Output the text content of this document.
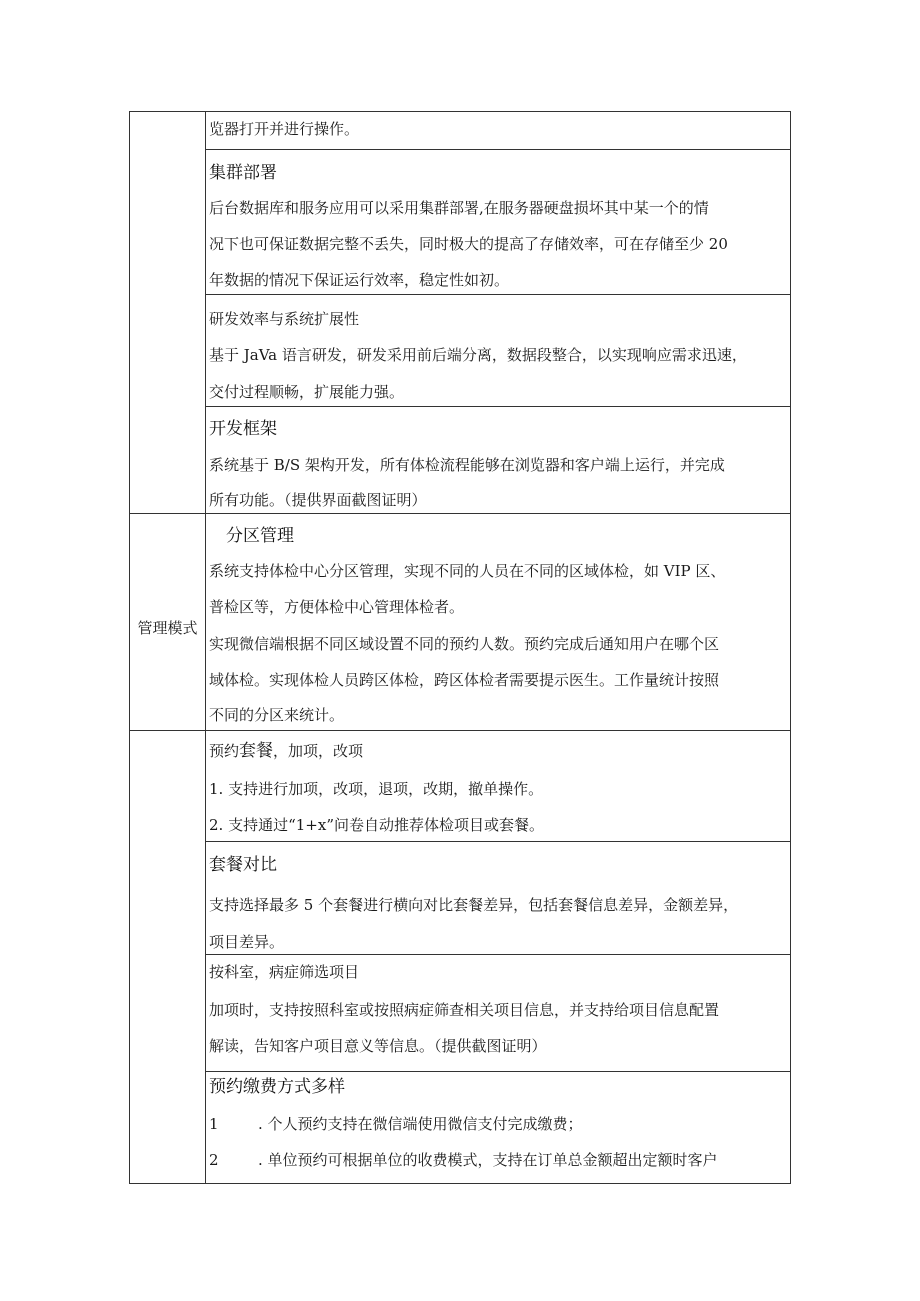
管理模式
览器打开并进行操作。
集群部署
后台数据库和服务应用可以采用集群部署,在服务器硬盘损坏其中某一个的情
况下也可保证数据完整不丢失，同时极大的提高了存储效率，可在存储至少 20
年数据的情况下保证运行效率，稳定性如初。
研发效率与系统扩展性
基于 JaVa 语言研发，研发采用前后端分离，数据段整合，以实现响应需求迅速，
交付过程顺畅，扩展能力强。
开发框架
系统基于 B/S 架构开发，所有体检流程能够在浏览器和客户端上运行，并完成
所有功能。（提供界面截图证明）
分区管理
系统支持体检中心分区管理，实现不同的人员在不同的区域体检，如 VIP 区、
普检区等，方便体检中心管理体检者。
实现微信端根据不同区域设置不同的预约人数。预约完成后通知用户在哪个区
域体检。实现体检人员跨区体检，跨区体检者需要提示医生。工作量统计按照
不同的分区来统计。
预约套餐，加项，改项
1. 支持进行加项，改项，退项，改期，撤单操作。
2. 支持通过“1+x”问卷自动推荐体检项目或套餐。
套餐对比
支持选择最多 5 个套餐进行横向对比套餐差异，包括套餐信息差异，金额差异，
项目差异。
按科室，病症筛选项目
加项时，支持按照科室或按照病症筛查相关项目信息，并支持给项目信息配置
解读，告知客户项目意义等信息。（提供截图证明）
预约缴费方式多样
1	. 个人预约支持在微信端使用微信支付完成缴费；
2	. 单位预约可根据单位的收费模式，支持在订单总金额超出定额时客户
